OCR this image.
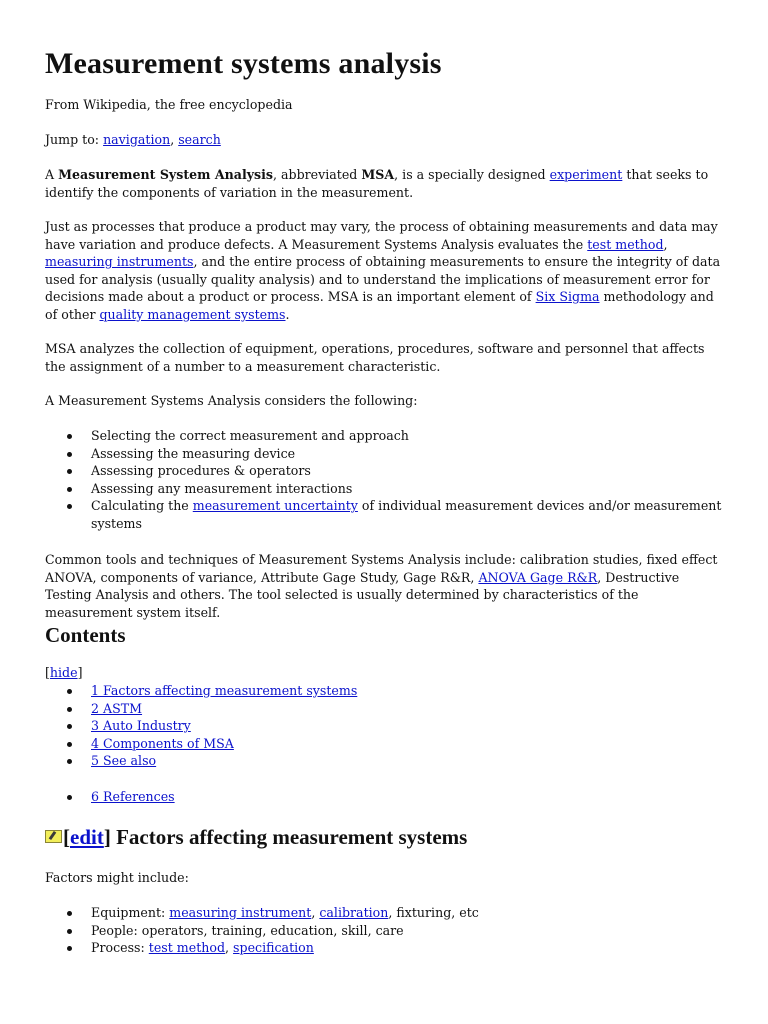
Measurement systems analysis

From Wikipedia, the free encyclopedia

Jump to: navigation, search

A Measurement System Analysis, abbreviated MSA, is a specially designed experiment that seeks to identify the components of variation in the measurement.

Just as processes that produce a product may vary, the process of obtaining measurements and data may have variation and produce defects. A Measurement Systems Analysis evaluates the test method, measuring instruments, and the entire process of obtaining measurements to ensure the integrity of data used for analysis (usually quality analysis) and to understand the implications of measurement error for decisions made about a product or process. MSA is an important element of Six Sigma methodology and of other quality management systems.

MSA analyzes the collection of equipment, operations, procedures, software and personnel that affects the assignment of a number to a measurement characteristic.

A Measurement Systems Analysis considers the following:

Selecting the correct measurement and approach
Assessing the measuring device
Assessing procedures & operators
Assessing any measurement interactions
Calculating the measurement uncertainty of individual measurement devices and/or measurement systems

Common tools and techniques of Measurement Systems Analysis include: calibration studies, fixed effect ANOVA, components of variance, Attribute Gage Study, Gage R&R, ANOVA Gage R&R, Destructive Testing Analysis and others. The tool selected is usually determined by characteristics of the measurement system itself.

Contents

[hide]

1 Factors affecting measurement systems
2 ASTM
3 Auto Industry
4 Components of MSA
5 See also
6 References
[edit] Factors affecting measurement systems

Factors might include:

Equipment: measuring instrument, calibration, fixturing, etc
People: operators, training, education, skill, care
Process: test method, specification
